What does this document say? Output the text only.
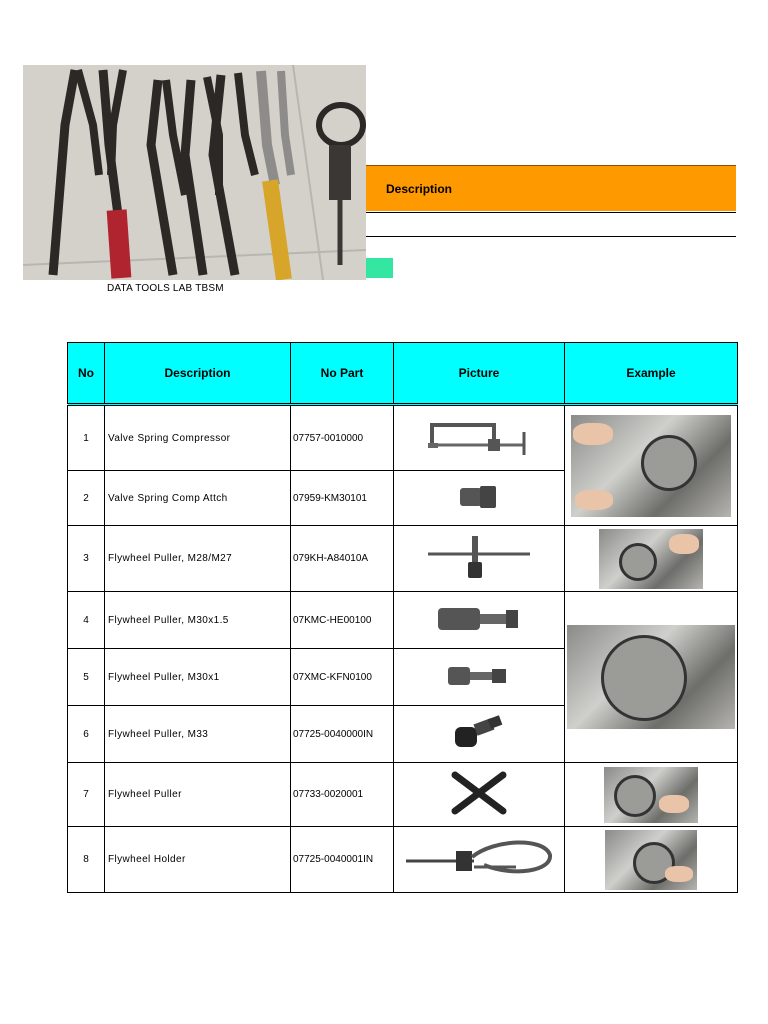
DATA TOOLS LAB TBSM
Description
No	Description	No Part	Picture	Example
1	Valve Spring Compressor	07757-0010000		

2	Valve Spring Comp Attch	07959-KM30101	
3	Flywheel Puller, M28/M27	079KH-A84010A		

4	Flywheel Puller, M30x1.5	07KMC-HE00100		

5	Flywheel Puller, M30x1	07XMC-KFN0100	
6	Flywheel Puller, M33	07725-0040000IN	
7	Flywheel Puller	07733-0020001		

8	Flywheel Holder	07725-0040001IN		
